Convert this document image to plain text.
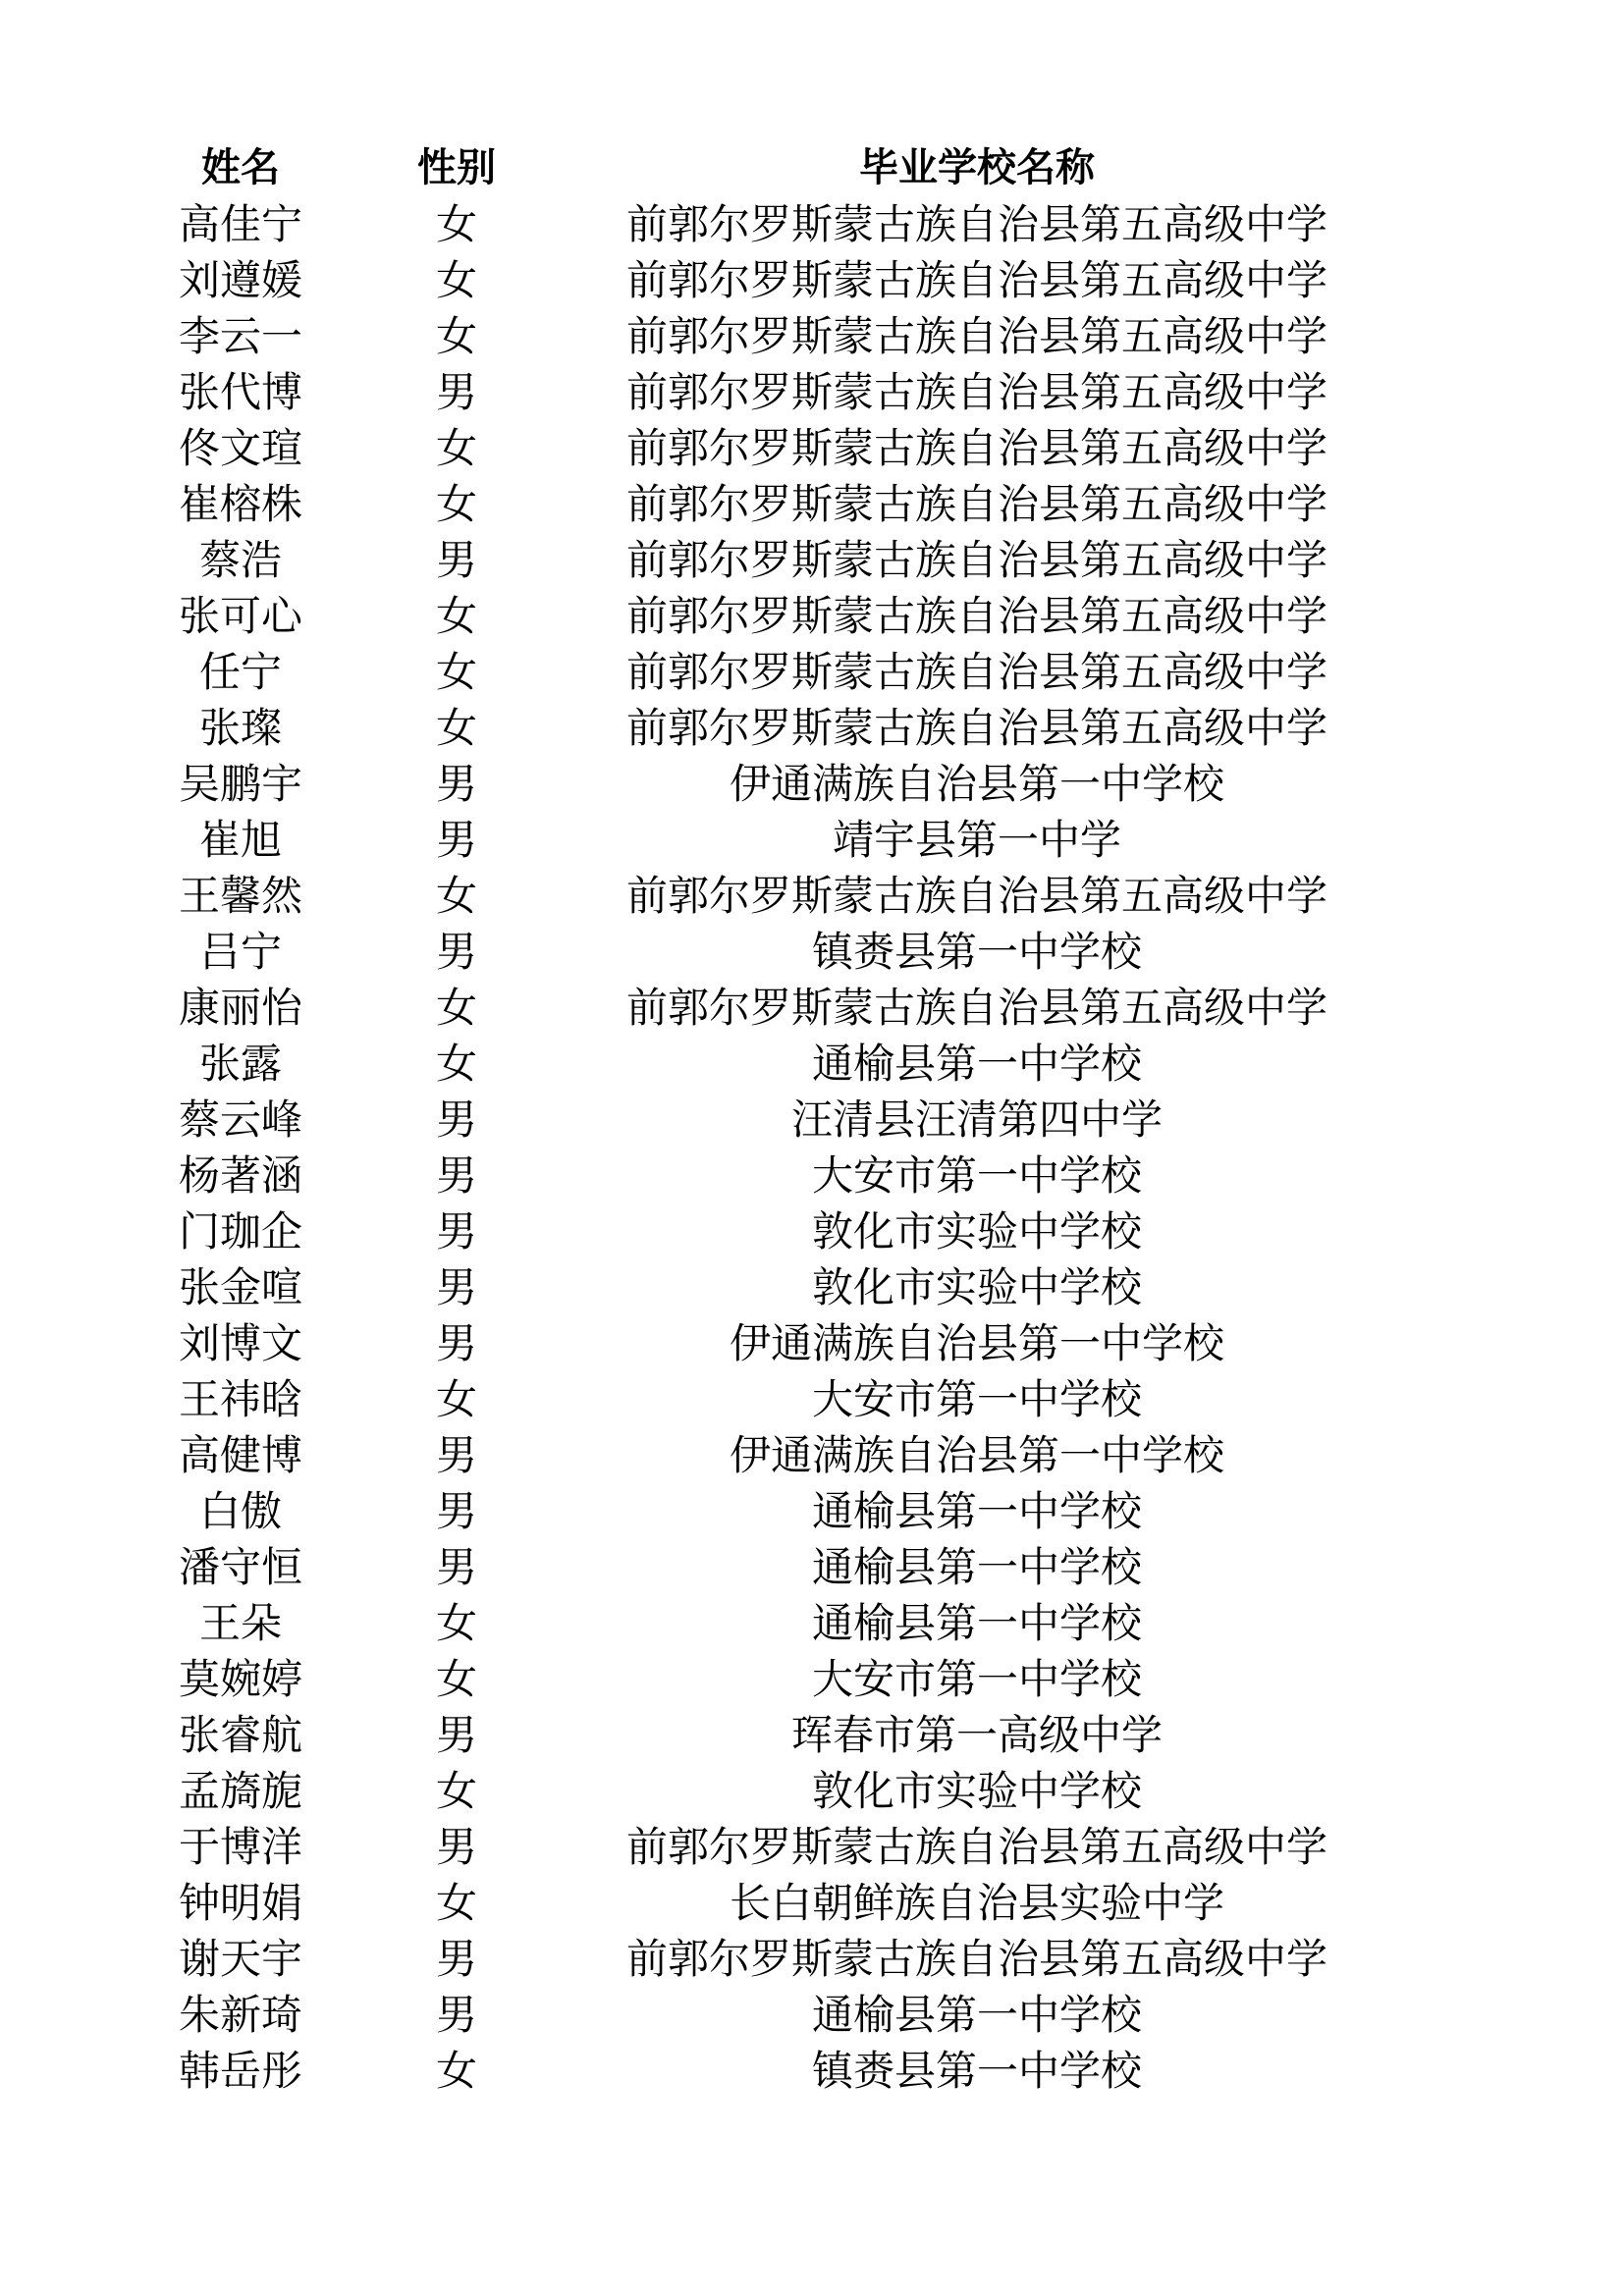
姓名	性别	毕业学校名称
高佳宁	女	前郭尔罗斯蒙古族自治县第五高级中学
刘遵媛	女	前郭尔罗斯蒙古族自治县第五高级中学
李云一	女	前郭尔罗斯蒙古族自治县第五高级中学
张代博	男	前郭尔罗斯蒙古族自治县第五高级中学
佟文瑄	女	前郭尔罗斯蒙古族自治县第五高级中学
崔榕株	女	前郭尔罗斯蒙古族自治县第五高级中学
蔡浩	男	前郭尔罗斯蒙古族自治县第五高级中学
张可心	女	前郭尔罗斯蒙古族自治县第五高级中学
任宁	女	前郭尔罗斯蒙古族自治县第五高级中学
张璨	女	前郭尔罗斯蒙古族自治县第五高级中学
吴鹏宇	男	伊通满族自治县第一中学校
崔旭	男	靖宇县第一中学
王馨然	女	前郭尔罗斯蒙古族自治县第五高级中学
吕宁	男	镇赉县第一中学校
康丽怡	女	前郭尔罗斯蒙古族自治县第五高级中学
张露	女	通榆县第一中学校
蔡云峰	男	汪清县汪清第四中学
杨著涵	男	大安市第一中学校
门珈企	男	敦化市实验中学校
张金喧	男	敦化市实验中学校
刘博文	男	伊通满族自治县第一中学校
王祎晗	女	大安市第一中学校
高健博	男	伊通满族自治县第一中学校
白傲	男	通榆县第一中学校
潘守恒	男	通榆县第一中学校
王朵	女	通榆县第一中学校
莫婉婷	女	大安市第一中学校
张睿航	男	珲春市第一高级中学
孟旖旎	女	敦化市实验中学校
于博洋	男	前郭尔罗斯蒙古族自治县第五高级中学
钟明娟	女	长白朝鲜族自治县实验中学
谢天宇	男	前郭尔罗斯蒙古族自治县第五高级中学
朱新琦	男	通榆县第一中学校
韩岳彤	女	镇赉县第一中学校
